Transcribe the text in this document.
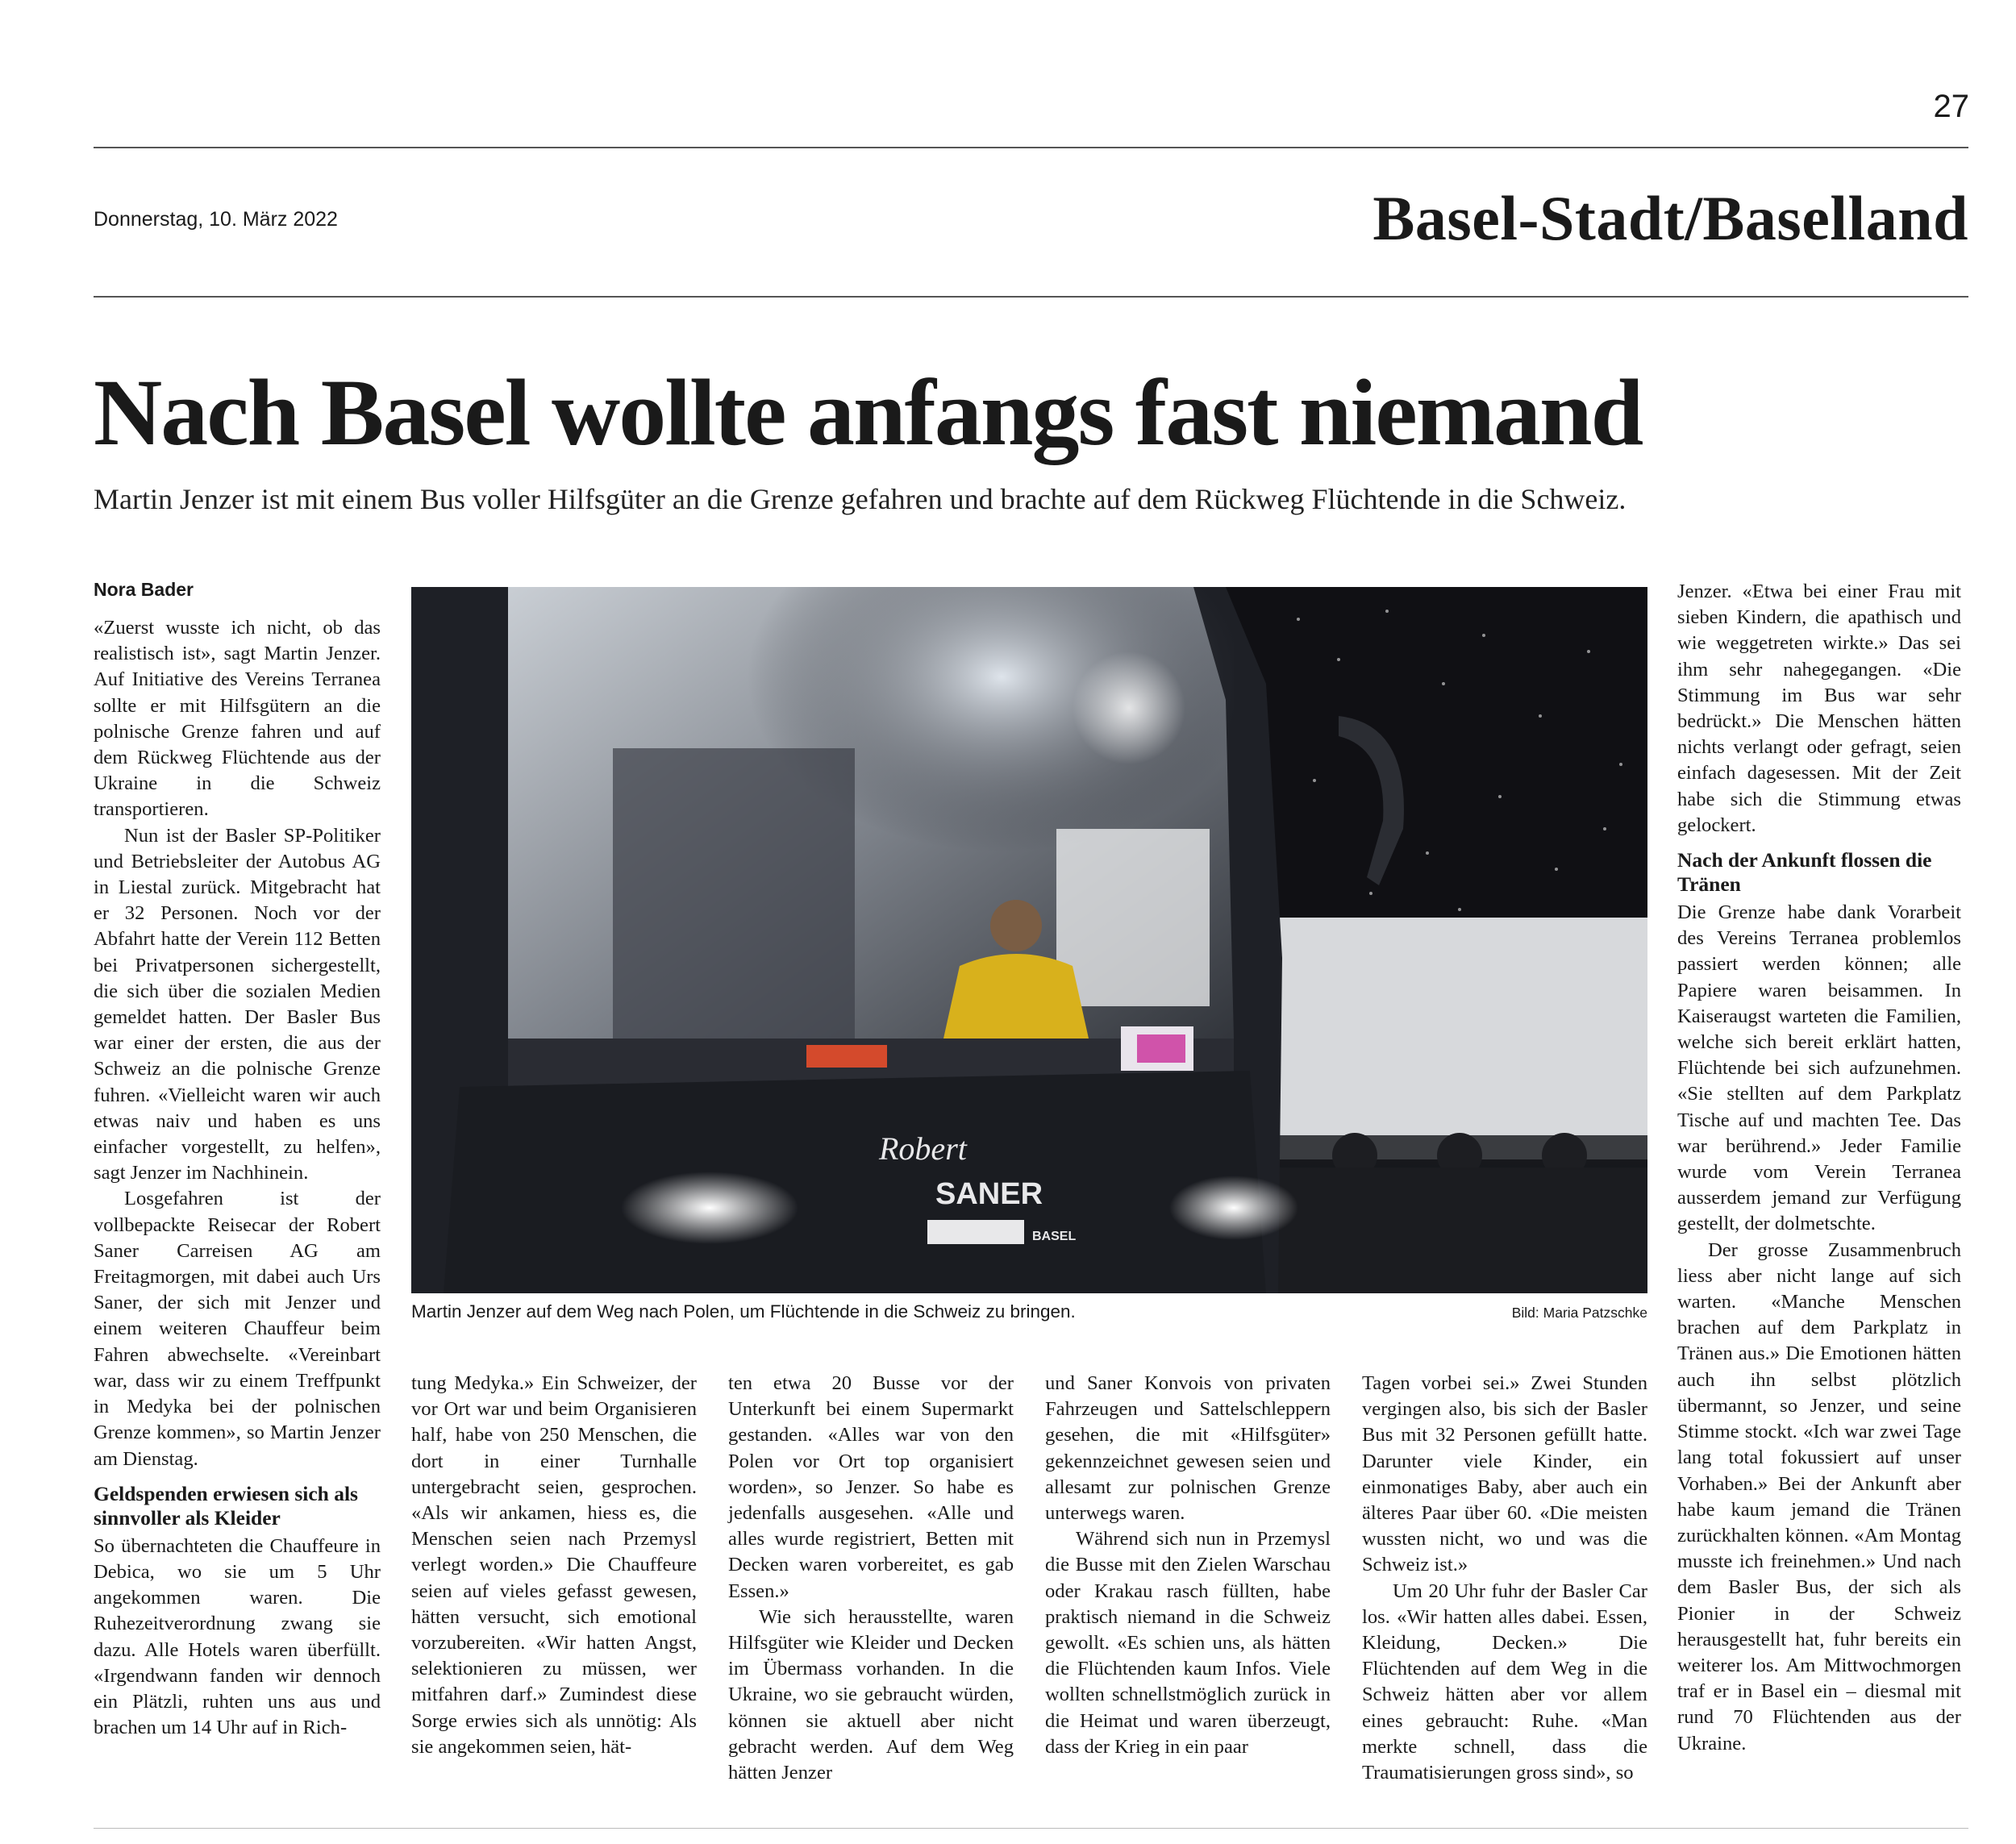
27
Donnerstag, 10. März 2022	Basel-Stadt/Baselland
Nach Basel wollte anfangs fast niemand
Martin Jenzer ist mit einem Bus voller Hilfsgüter an die Grenze gefahren und brachte auf dem Rückweg Flüchtende in die Schweiz.
Nora Bader

«Zuerst wusste ich nicht, ob das realistisch ist», sagt Martin Jenzer. Auf Initiative des Vereins Terranea sollte er mit Hilfsgütern an die polnische Grenze fahren und auf dem Rückweg Flüchtende aus der Ukraine in die Schweiz transportieren.

Nun ist der Basler SP-Politiker und Betriebsleiter der Autobus AG in Liestal zurück. Mitgebracht hat er 32 Personen. Noch vor der Abfahrt hatte der Verein 112 Betten bei Privatpersonen sichergestellt, die sich über die sozialen Medien gemeldet hatten. Der Basler Bus war einer der ersten, die aus der Schweiz an die polnische Grenze fuhren. «Vielleicht waren wir auch etwas naiv und haben es uns einfacher vorgestellt, zu helfen», sagt Jenzer im Nachhinein.

Losgefahren ist der vollbepackte Reisecar der Robert Saner Carreisen AG am Freitagmorgen, mit dabei auch Urs Saner, der sich mit Jenzer und einem weiteren Chauffeur beim Fahren abwechselte. «Vereinbart war, dass wir zu einem Treffpunkt in Medyka bei der polnischen Grenze kommen», so Martin Jenzer am Dienstag.

Geldspenden erwiesen sich als sinnvoller als Kleider

So übernachteten die Chauffeure in Debica, wo sie um 5 Uhr angekommen waren. Die Ruhezeitverordnung zwang sie dazu. Alle Hotels waren überfüllt. «Irgendwann fanden wir dennoch ein Plätzli, ruhten uns aus und brachen um 14 Uhr auf in Rich-

Robert
SANER
BASEL
Martin Jenzer auf dem Weg nach Polen, um Flüchtende in die Schweiz zu bringen.	Bild: Maria Patzschke

tung Medyka.» Ein Schweizer, der vor Ort war und beim Organisieren half, habe von 250 Menschen, die dort in einer Turnhalle untergebracht seien, gesprochen. «Als wir ankamen, hiess es, die Menschen seien nach Przemysl verlegt worden.» Die Chauffeure seien auf vieles gefasst gewesen, hätten versucht, sich emotional vorzubereiten. «Wir hatten Angst, selektionieren zu müssen, wer mitfahren darf.» Zumindest diese Sorge erwies sich als unnötig: Als sie angekommen seien, hät-

ten etwa 20 Busse vor der Unterkunft bei einem Supermarkt gestanden. «Alles war von den Polen vor Ort top organisiert worden», so Jenzer. So habe es jedenfalls ausgesehen. «Alle und alles wurde registriert, Betten mit Decken waren vorbereitet, es gab Essen.»

Wie sich herausstellte, waren Hilfsgüter wie Kleider und Decken im Übermass vorhanden. In die Ukraine, wo sie gebraucht würden, können sie aktuell aber nicht gebracht werden. Auf dem Weg hätten Jenzer

und Saner Konvois von privaten Fahrzeugen und Sattelschleppern gesehen, die mit «Hilfsgüter» gekennzeichnet gewesen seien und allesamt zur polnischen Grenze unterwegs waren.

Während sich nun in Przemysl die Busse mit den Zielen Warschau oder Krakau rasch füllten, habe praktisch niemand in die Schweiz gewollt. «Es schien uns, als hätten die Flüchtenden kaum Infos. Viele wollten schnellstmöglich zurück in die Heimat und waren überzeugt, dass der Krieg in ein paar

Tagen vorbei sei.» Zwei Stunden vergingen also, bis sich der Basler Bus mit 32 Personen gefüllt hatte. Darunter viele Kinder, ein einmonatiges Baby, aber auch ein älteres Paar über 60. «Die meisten wussten nicht, wo und was die Schweiz ist.»

Um 20 Uhr fuhr der Basler Car los. «Wir hatten alles dabei. Essen, Kleidung, Decken.» Die Flüchtenden auf dem Weg in die Schweiz hätten aber vor allem eines gebraucht: Ruhe. «Man merkte schnell, dass die Traumatisierungen gross sind», so

Jenzer. «Etwa bei einer Frau mit sieben Kindern, die apathisch und wie weggetreten wirkte.» Das sei ihm sehr nahegegangen. «Die Stimmung im Bus war sehr bedrückt.» Die Menschen hätten nichts verlangt oder gefragt, seien einfach dagesessen. Mit der Zeit habe sich die Stimmung etwas gelockert.

Nach der Ankunft flossen die Tränen

Die Grenze habe dank Vorarbeit des Vereins Terranea problemlos passiert werden können; alle Papiere waren beisammen. In Kaiseraugst warteten die Familien, welche sich bereit erklärt hatten, Flüchtende bei sich aufzunehmen. «Sie stellten auf dem Parkplatz Tische auf und machten Tee. Das war berührend.» Jeder Familie wurde vom Verein Terranea ausserdem jemand zur Verfügung gestellt, der dolmetschte.

Der grosse Zusammenbruch liess aber nicht lange auf sich warten. «Manche Menschen brachen auf dem Parkplatz in Tränen aus.» Die Emotionen hätten auch ihn selbst plötzlich übermannt, so Jenzer, und seine Stimme stockt. «Ich war zwei Tage lang total fokussiert auf unser Vorhaben.» Bei der Ankunft aber habe kaum jemand die Tränen zurückhalten können. «Am Montag musste ich freinehmen.» Und nach dem Basler Bus, der sich als Pionier in der Schweiz herausgestellt hat, fuhr bereits ein weiterer los. Am Mittwochmorgen traf er in Basel ein – diesmal mit rund 70 Flüchtenden aus der Ukraine.
